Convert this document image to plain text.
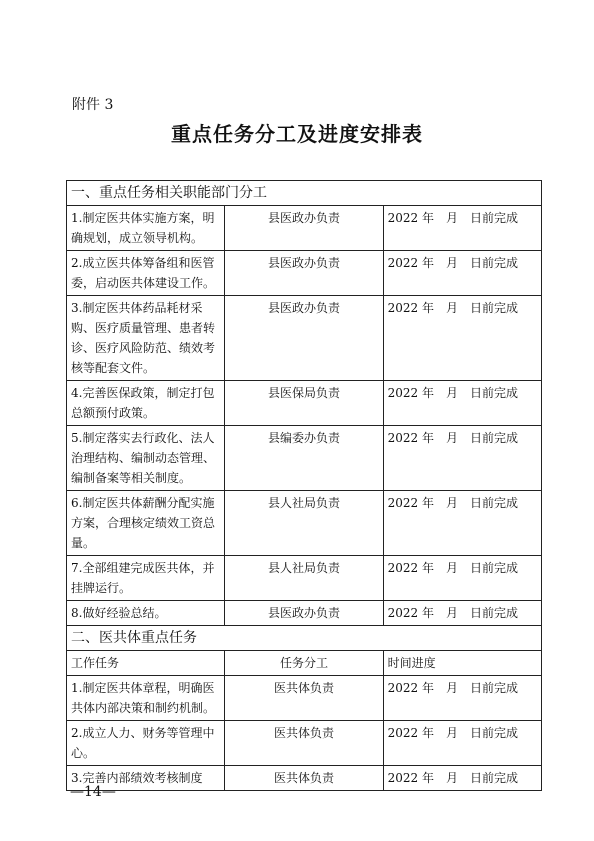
附件 3
重点任务分工及进度安排表
一、重点任务相关职能部门分工		
1.制定医共体实施方案，明确规划，成立领导机构。	县医政办负责	2022 年　月　日前完成
2.成立医共体筹备组和医管委，启动医共体建设工作。	县医政办负责	2022 年　月　日前完成
3.制定医共体药品耗材采购、医疗质量管理、患者转诊、医疗风险防范、绩效考核等配套文件。	县医政办负责	2022 年　月　日前完成
4.完善医保政策，制定打包总额预付政策。	县医保局负责	2022 年　月　日前完成
5.制定落实去行政化、法人治理结构、编制动态管理、编制备案等相关制度。	县编委办负责	2022 年　月　日前完成
6.制定医共体薪酬分配实施方案，合理核定绩效工资总量。	县人社局负责	2022 年　月　日前完成
7.全部组建完成医共体，并挂牌运行。	县人社局负责	2022 年　月　日前完成
8.做好经验总结。	县医政办负责	2022 年　月　日前完成
二、医共体重点任务		
工作任务	任务分工	时间进度
1.制定医共体章程，明确医共体内部决策和制约机制。	医共体负责	2022 年　月　日前完成
2.成立人力、财务等管理中心。	医共体负责	2022 年　月　日前完成
3.完善内部绩效考核制度	医共体负责	2022 年　月　日前完成
—14—
